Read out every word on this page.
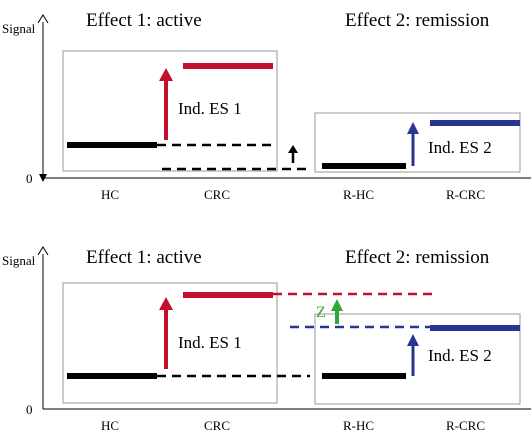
Signal
0
Effect 1: active	Effect 2: remission
Ind. ES 1
Ind. ES 2
HC	CRC	R-HC	R-CRC
Signal
0
Effect 1: active	Effect 2: remission
Z
Ind. ES 1
Ind. ES 2
HC	CRC	R-HC	R-CRC
